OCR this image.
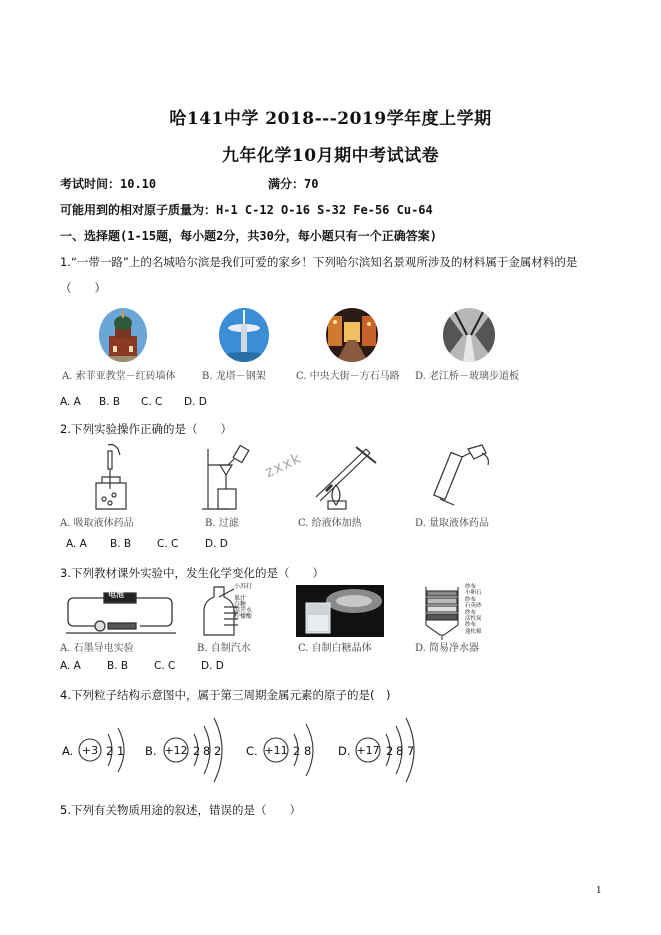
哈141中学 2018---2019学年度上学期
九年化学10月期中考试试卷
考试时间：10.10	满分：70
可能用到的相对原子质量为：H-1 C-12 O-16 S-32 Fe-56 Cu-64
一、选择题(1-15题，每小题2分，共30分，每小题只有一个正确答案)
1.“一带一路”上的名城哈尔滨是我们可爱的家乡！下列哈尔滨知名景观所涉及的材料属于金属材料的是
（　　）
A. 索菲亚教堂－红砖墙体	B. 龙塔－钢架	C. 中央大街－方石马路 D. 老江桥－玻璃步道板
A. A B. B C. C D. D
2.下列实验操作正确的是（　　）
zxxk
A. 吸取液体药品	B. 过滤	C. 给液体加热	D. 量取液体药品
A. A B. B C. C	D. D
3.下列教材课外实验中，发生化学变化的是（　　）
电池
小苏打
果汁
白糖
凉开水
柠檬酸
纱布
小卵石
纱布
石英砂
纱布
活性炭
纱布
蓬松棉
A. 石墨导电实验	B. 自制汽水	C. 自制白糖晶体	D. 简易净水器
A. A B. B C. C D. D
4.下列粒子结构示意图中，属于第三周期金属元素的原子的是(　)
A. +3 2 1 B. +12 2 8 2 C. +11 2 8 D. +17 2 8 7
5.下列有关物质用途的叙述，错误的是（　　）
1
